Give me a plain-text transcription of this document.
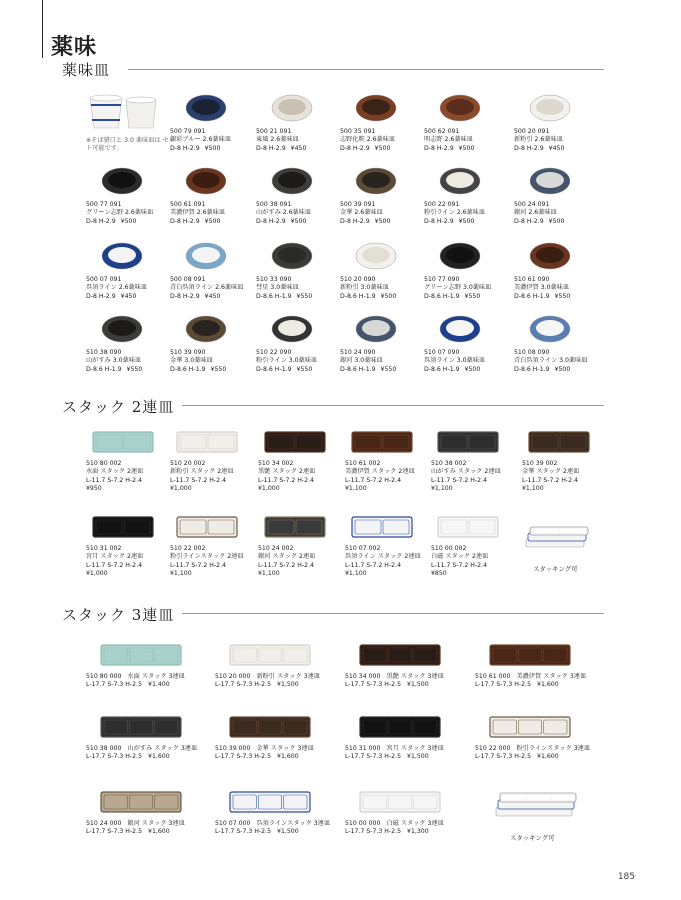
薬味
薬味皿
スタック 2連皿
スタック 3連皿
※そば猪口と 3.0 薬味皿は セット可能です。
500 79 091
銀彩ブルー 2.6薬味皿
D-8 H-2.9 ¥500
500 21 091
東風 2.6薬味皿
D-8 H-2.9 ¥450
500 35 091
志野化粧 2.6薬味皿
D-8 H-2.9 ¥500
500 62 091
明志野 2.6薬味皿
D-8 H-2.9 ¥500
500 20 091
新粉引 2.6薬味皿
D-8 H-2.9 ¥450
500 77 091
グリーン志野 2.6薬味皿
D-8 H-2.9 ¥500
500 61 091
美濃伊賀 2.6薬味皿
D-8 H-2.9 ¥500
500 38 091
山がすみ 2.6薬味皿
D-8 H-2.9 ¥500
500 39 091
金華 2.6薬味皿
D-8 H-2.9 ¥500
500 22 091
粉引ライン 2.6薬味皿
D-8 H-2.9 ¥500
500 24 091
銀河 2.6薬味皿
D-8 H-2.9 ¥500
500 07 091
呉須ライン 2.6薬味皿
D-8 H-2.9 ¥450
500 08 091
青白呉須ライン 2.6薬味皿
D-8 H-2.9 ¥450
510 33 090
彗星 3.0薬味皿
D-8.6 H-1.9 ¥550
510 20 090
新粉引 3.0薬味皿
D-8.6 H-1.9 ¥500
510 77 090
グリーン志野 3.0薬味皿
D-8.6 H-1.9 ¥550
510 61 090
美濃伊賀 3.0薬味皿
D-8.6 H-1.9 ¥550
510 38 090
山がすみ 3.0薬味皿
D-8.6 H-1.9 ¥550
510 39 090
金華 3.0薬味皿
D-8.6 H-1.9 ¥550
510 22 090
粉引ライン 3.0薬味皿
D-8.6 H-1.9 ¥550
510 24 090
銀河 3.0薬味皿
D-8.6 H-1.9 ¥550
510 07 090
呉須ライン 3.0薬味皿
D-8.6 H-1.9 ¥500
510 08 090
青白呉須ライン 3.0薬味皿
D-8.6 H-1.9 ¥500
510 80 002
水面 スタック 2連皿
L-11.7 S-7.2 H-2.4
¥950
510 20 002
新粉引 スタック 2連皿
L-11.7 S-7.2 H-2.4
¥1,000
510 34 002
黒艶 スタック 2連皿
L-11.7 S-7.2 H-2.4
¥1,000
510 61 002
美濃伊賀 スタック 2連皿
L-11.7 S-7.2 H-2.4
¥1,100
510 38 002
山がすみ スタック 2連皿
L-11.7 S-7.2 H-2.4
¥1,100
510 39 002
金華 スタック 2連皿
L-11.7 S-7.2 H-2.4
¥1,100
510 31 002
宮月 スタック 2連皿
L-11.7 S-7.2 H-2.4
¥1,000
510 22 002
粉引ラインスタック 2連皿
L-11.7 S-7.2 H-2.4
¥1,100
510 24 002
銀河 スタック 2連皿
L-11.7 S-7.2 H-2.4
¥1,100
510 07 002
呉須ライン スタック 2連皿
L-11.7 S-7.2 H-2.4
¥1,100
510 00 002
白磁 スタック 2連皿
L-11.7 S-7.2 H-2.4
¥850
スタッキング可
510 80 000 水面 スタック 3連皿
L-17.7 S-7.3 H-2.5 ¥1,400
510 20 000 新粉引 スタック 3連皿
L-17.7 S-7.3 H-2.5 ¥1,500
510 34 000 黒艶 スタック 3連皿
L-17.7 S-7.3 H-2.5 ¥1,500
510 61 000 美濃伊賀 スタック 3連皿
L-17.7 S-7.3 H-2.5 ¥1,600
510 38 000 山がすみ スタック 3連皿
L-17.7 S-7.3 H-2.5 ¥1,600
510 39 000 金華 スタック 3連皿
L-17.7 S-7.3 H-2.5 ¥1,600
510 31 000 宮月 スタック 3連皿
L-17.7 S-7.3 H-2.5 ¥1,500
510 22 000 粉引ラインスタック 3連皿
L-17.7 S-7.3 H-2.5 ¥1,600
510 24 000 銀河 スタック 3連皿
L-17.7 S-7.3 H-2.5 ¥1,600
510 07 000 呉須ラインスタック 3連皿
L-17.7 S-7.3 H-2.5 ¥1,500
510 00 000 白磁 スタック 3連皿
L-17.7 S-7.3 H-2.5 ¥1,300
スタッキング可
185
